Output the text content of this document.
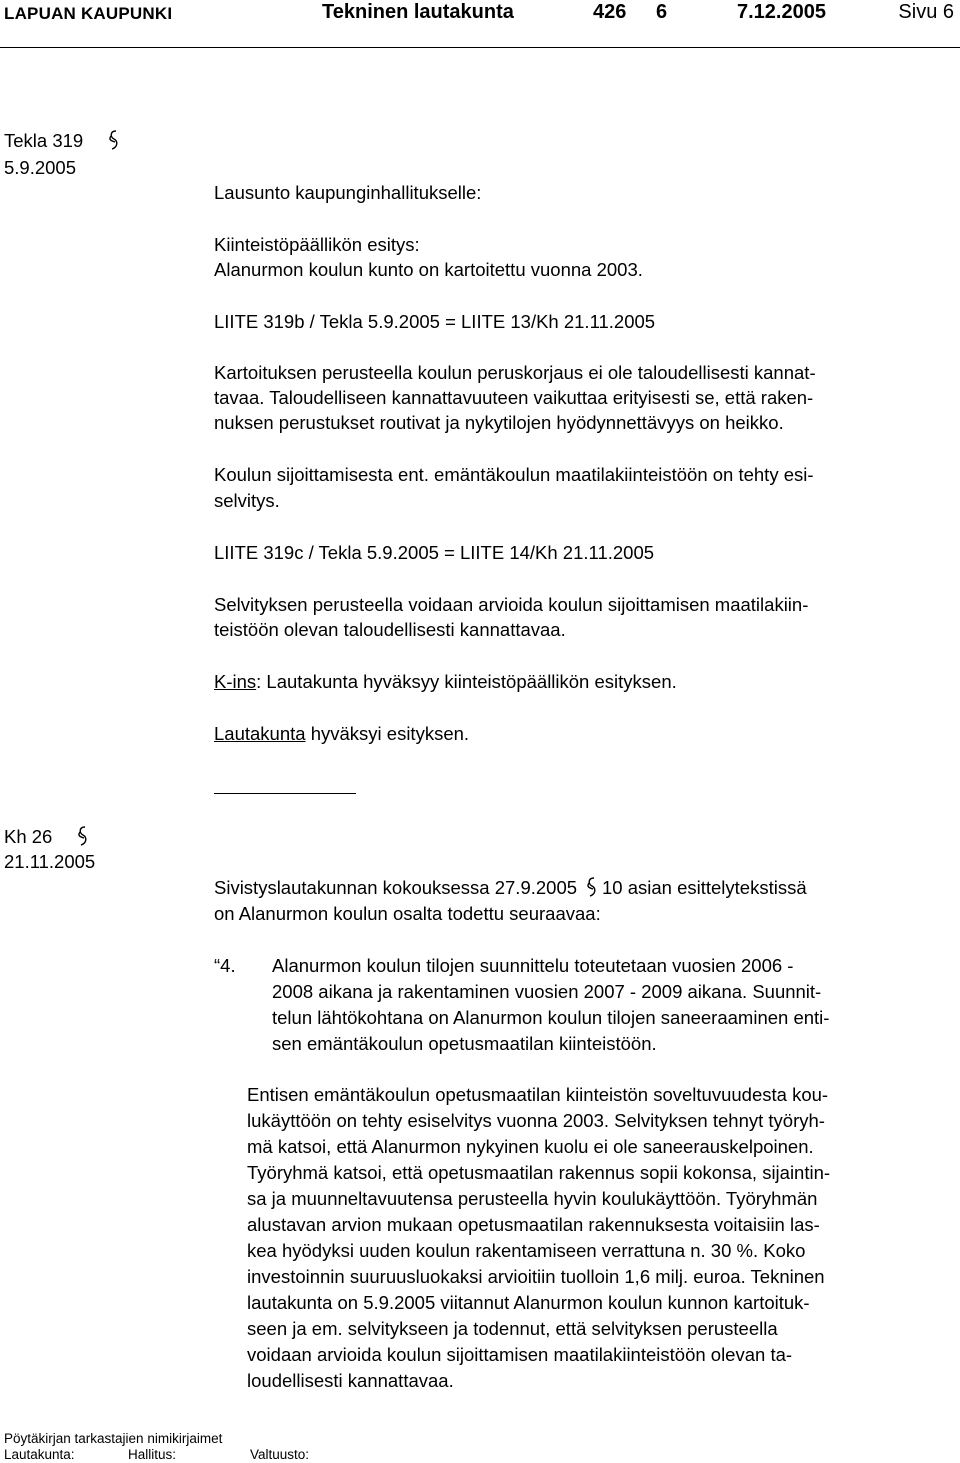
LAPUAN KAUPUNKI	Tekninen lautakunta	426 6	7.12.2005	Sivu 6
Tekla 319
5.9.2005
Lausunto kaupunginhallitukselle:
Kiinteistöpäällikön esitys:
Alanurmon koulun kunto on kartoitettu vuonna 2003.
LIITE 319b / Tekla 5.9.2005 = LIITE 13/Kh 21.11.2005
Kartoituksen perusteella koulun peruskorjaus ei ole taloudellisesti kannat-
tavaa. Taloudelliseen kannattavuuteen vaikuttaa erityisesti se, että raken-
nuksen perustukset routivat ja nykytilojen hyödynnettävyys on heikko.
Koulun sijoittamisesta ent. emäntäkoulun maatilakiinteistöön on tehty esi-
selvitys.
LIITE 319c / Tekla 5.9.2005 = LIITE 14/Kh 21.11.2005
Selvityksen perusteella voidaan arvioida koulun sijoittamisen maatilakiin-
teistöön olevan taloudellisesti kannattavaa.
K-ins: Lautakunta hyväksyy kiinteistöpäällikön esityksen.
Lautakunta hyväksyi esityksen.
Kh 26
21.11.2005
Sivistyslautakunnan kokouksessa 27.9.2005 10 asian esittelytekstissä
on Alanurmon koulun osalta todettu seuraavaa:
“4. Alanurmon koulun tilojen suunnittelu toteutetaan vuosien 2006 -
2008 aikana ja rakentaminen vuosien 2007 - 2009 aikana. Suunnit-
telun lähtökohtana on Alanurmon koulun tilojen saneeraaminen enti-
sen emäntäkoulun opetusmaatilan kiinteistöön.
Entisen emäntäkoulun opetusmaatilan kiinteistön soveltuvuudesta kou-
lukäyttöön on tehty esiselvitys vuonna 2003. Selvityksen tehnyt työryh-
mä katsoi, että Alanurmon nykyinen kuolu ei ole saneerauskelpoinen.
Työryhmä katsoi, että opetusmaatilan rakennus sopii kokonsa, sijaintin-
sa ja muunneltavuutensa perusteella hyvin koulukäyttöön. Työryhmän
alustavan arvion mukaan opetusmaatilan rakennuksesta voitaisiin las-
kea hyödyksi uuden koulun rakentamiseen verrattuna n. 30 %. Koko
investoinnin suuruusluokaksi arvioitiin tuolloin 1,6 milj. euroa. Tekninen
lautakunta on 5.9.2005 viitannut Alanurmon koulun kunnon kartoituk-
seen ja em. selvitykseen ja todennut, että selvityksen perusteella
voidaan arvioida koulun sijoittamisen maatilakiinteistöön olevan ta-
loudellisesti kannattavaa.
Pöytäkirjan tarkastajien nimikirjaimet
Lautakunta:	Hallitus:	Valtuusto:
